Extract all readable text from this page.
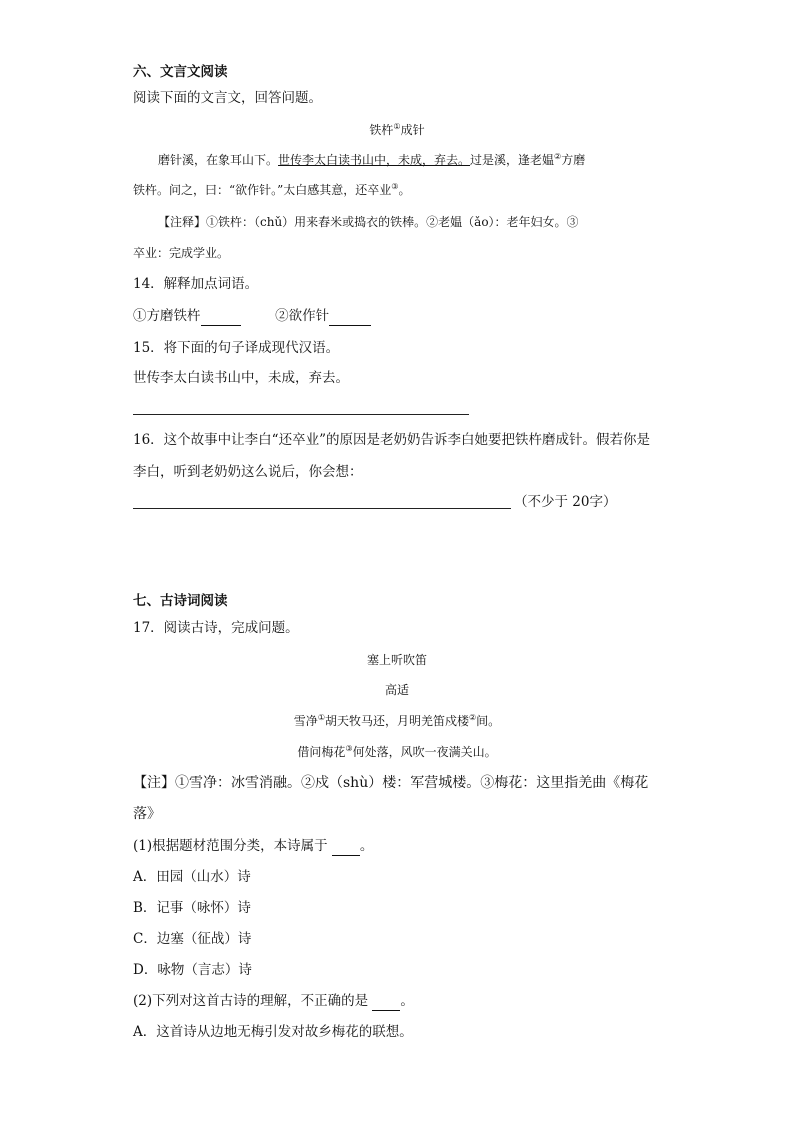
六、文言文阅读
阅读下面的文言文，回答问题。
铁杵①成针
磨针溪，在象耳山下。世传李太白读书山中，未成，弃去。过是溪，逢老媪②方磨
铁杵。问之，曰：“欲作针。”太白感其意，还卒业③。
【注释】①铁杵：（chǔ）用来舂米或捣衣的铁棒。②老媪（ǎo）：老年妇女。③
卒业：完成学业。
14．解释加点词语。
①方磨铁杵	②欲作针
15．将下面的句子译成现代汉语。
世传李太白读书山中，未成，弃去。
16．这个故事中让李白“还卒业”的原因是老奶奶告诉李白她要把铁杵磨成针。假若你是
李白，听到老奶奶这么说后，你会想：
（不少于 20字）
七、古诗词阅读
17．阅读古诗，完成问题。
塞上听吹笛
高适
雪净①胡天牧马还，月明羌笛戍楼②间。
借问梅花③何处落，风吹一夜满关山。
【注】①雪净：冰雪消融。②戍（shù）楼：军营城楼。③梅花：这里指羌曲《梅花
落》
(1)根据题材范围分类，本诗属于 。
A．田园（山水）诗
B．记事（咏怀）诗
C．边塞（征战）诗
D．咏物（言志）诗
(2)下列对这首古诗的理解，不正确的是 。
A．这首诗从边地无梅引发对故乡梅花的联想。
